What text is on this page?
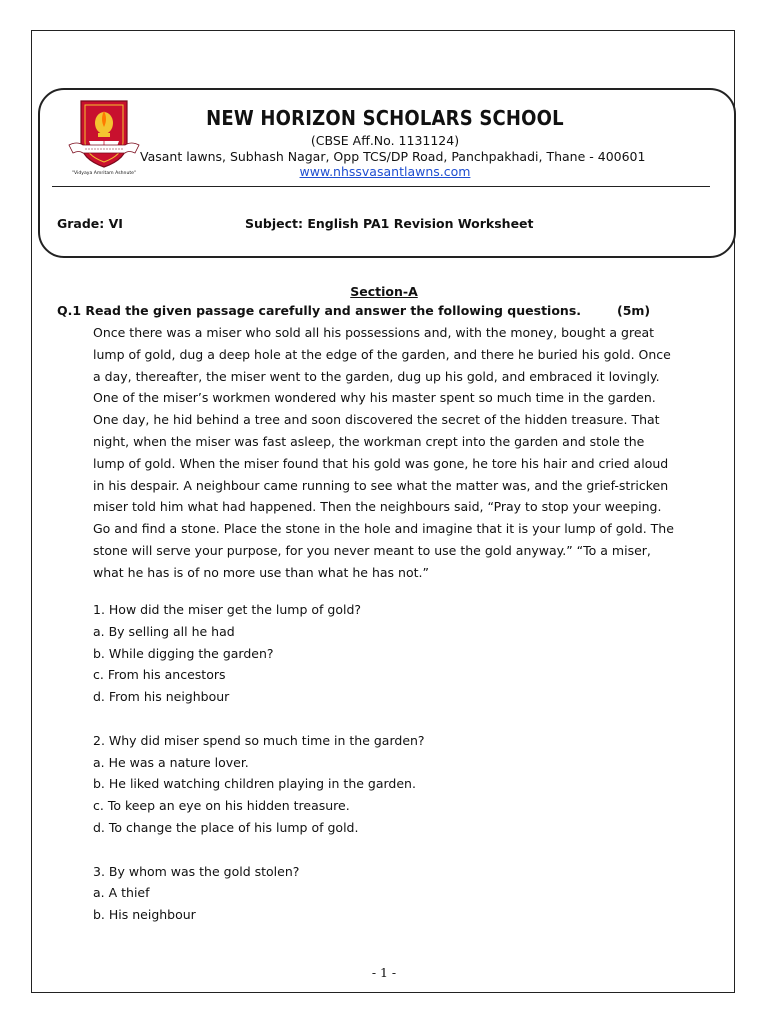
"Vidyaya Amritam Ashnute"
NEW HORIZON SCHOLARS SCHOOL
(CBSE Aff.No. 1131124)
Vasant lawns, Subhash Nagar, Opp TCS/DP Road, Panchpakhadi, Thane - 400601
www.nhssvasantlawns.com
Grade: VI	Subject: English PA1 Revision Worksheet
Section-A
Q.1 Read the given passage carefully and answer the following questions.	(5m)
Once there was a miser who sold all his possessions and, with the money, bought a great
lump of gold, dug a deep hole at the edge of the garden, and there he buried his gold. Once
a day, thereafter, the miser went to the garden, dug up his gold, and embraced it lovingly.
One of the miser’s workmen wondered why his master spent so much time in the garden.
One day, he hid behind a tree and soon discovered the secret of the hidden treasure. That
night, when the miser was fast asleep, the workman crept into the garden and stole the
lump of gold. When the miser found that his gold was gone, he tore his hair and cried aloud
in his despair. A neighbour came running to see what the matter was, and the grief-stricken
miser told him what had happened. Then the neighbours said, “Pray to stop your weeping.
Go and find a stone. Place the stone in the hole and imagine that it is your lump of gold. The
stone will serve your purpose, for you never meant to use the gold anyway.” “To a miser,
what he has is of no more use than what he has not.”
1. How did the miser get the lump of gold?
a. By selling all he had
b. While digging the garden?
c. From his ancestors
d. From his neighbour
2. Why did miser spend so much time in the garden?
a. He was a nature lover.
b. He liked watching children playing in the garden.
c. To keep an eye on his hidden treasure.
d. To change the place of his lump of gold.
3. By whom was the gold stolen?
a. A thief
b. His neighbour
- 1 -
